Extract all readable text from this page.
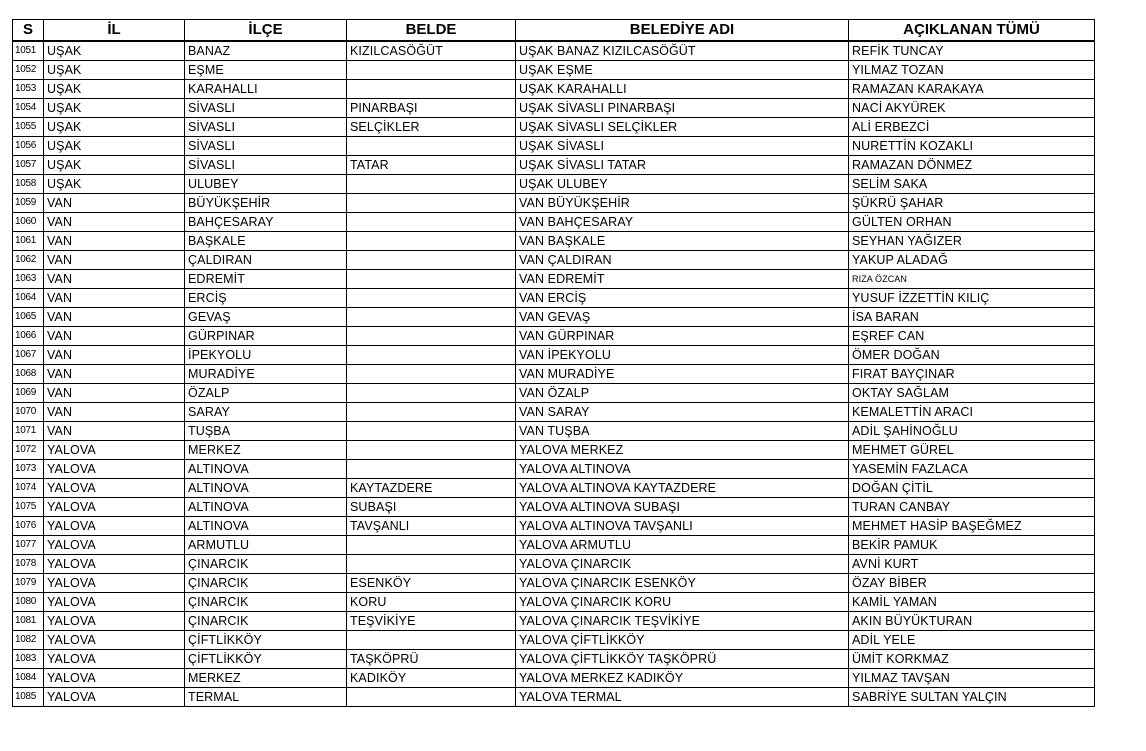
S	İL	İLÇE	BELDE	BELEDİYE ADI	AÇIKLANAN TÜMÜ
1051	UŞAK	BANAZ	KIZILCASÖĞÜT	UŞAK BANAZ KIZILCASÖĞÜT	REFİK TUNCAY
1052	UŞAK	EŞME		UŞAK EŞME	YILMAZ TOZAN
1053	UŞAK	KARAHALLI		UŞAK KARAHALLI	RAMAZAN KARAKAYA
1054	UŞAK	SİVASLI	PINARBAŞI	UŞAK SİVASLI PINARBAŞI	NACİ AKYÜREK
1055	UŞAK	SİVASLI	SELÇİKLER	UŞAK SİVASLI SELÇİKLER	ALİ ERBEZCİ
1056	UŞAK	SİVASLI		UŞAK SİVASLI	NURETTİN KOZAKLI
1057	UŞAK	SİVASLI	TATAR	UŞAK SİVASLI TATAR	RAMAZAN DÖNMEZ
1058	UŞAK	ULUBEY		UŞAK ULUBEY	SELİM SAKA
1059	VAN	BÜYÜKŞEHİR		VAN BÜYÜKŞEHİR	ŞÜKRÜ ŞAHAR
1060	VAN	BAHÇESARAY		VAN BAHÇESARAY	GÜLTEN ORHAN
1061	VAN	BAŞKALE		VAN BAŞKALE	SEYHAN YAĞIZER
1062	VAN	ÇALDIRAN		VAN ÇALDIRAN	YAKUP ALADAĞ
1063	VAN	EDREMİT		VAN EDREMİT	RIZA ÖZCAN
1064	VAN	ERCİŞ		VAN ERCİŞ	YUSUF İZZETTİN KILIÇ
1065	VAN	GEVAŞ		VAN GEVAŞ	İSA BARAN
1066	VAN	GÜRPINAR		VAN GÜRPINAR	EŞREF CAN
1067	VAN	İPEKYOLU		VAN İPEKYOLU	ÖMER DOĞAN
1068	VAN	MURADİYE		VAN MURADİYE	FIRAT BAYÇINAR
1069	VAN	ÖZALP		VAN ÖZALP	OKTAY SAĞLAM
1070	VAN	SARAY		VAN SARAY	KEMALETTİN ARACI
1071	VAN	TUŞBA		VAN TUŞBA	ADİL ŞAHİNOĞLU
1072	YALOVA	MERKEZ		YALOVA MERKEZ	MEHMET GÜREL
1073	YALOVA	ALTINOVA		YALOVA ALTINOVA	YASEMİN FAZLACA
1074	YALOVA	ALTINOVA	KAYTAZDERE	YALOVA ALTINOVA KAYTAZDERE	DOĞAN ÇİTİL
1075	YALOVA	ALTINOVA	SUBAŞI	YALOVA ALTINOVA SUBAŞI	TURAN CANBAY
1076	YALOVA	ALTINOVA	TAVŞANLI	YALOVA ALTINOVA TAVŞANLI	MEHMET HASİP BAŞEĞMEZ
1077	YALOVA	ARMUTLU		YALOVA ARMUTLU	BEKİR PAMUK
1078	YALOVA	ÇINARCIK		YALOVA ÇINARCIK	AVNİ KURT
1079	YALOVA	ÇINARCIK	ESENKÖY	YALOVA ÇINARCIK ESENKÖY	ÖZAY BİBER
1080	YALOVA	ÇINARCIK	KORU	YALOVA ÇINARCIK KORU	KAMİL YAMAN
1081	YALOVA	ÇINARCIK	TEŞVİKİYE	YALOVA ÇINARCIK TEŞVİKİYE	AKIN BÜYÜKTURAN
1082	YALOVA	ÇİFTLİKKÖY		YALOVA ÇİFTLİKKÖY	ADİL YELE
1083	YALOVA	ÇİFTLİKKÖY	TAŞKÖPRÜ	YALOVA ÇİFTLİKKÖY TAŞKÖPRÜ	ÜMİT KORKMAZ
1084	YALOVA	MERKEZ	KADIKÖY	YALOVA MERKEZ KADIKÖY	YILMAZ TAVŞAN
1085	YALOVA	TERMAL		YALOVA TERMAL	SABRİYE SULTAN YALÇIN
